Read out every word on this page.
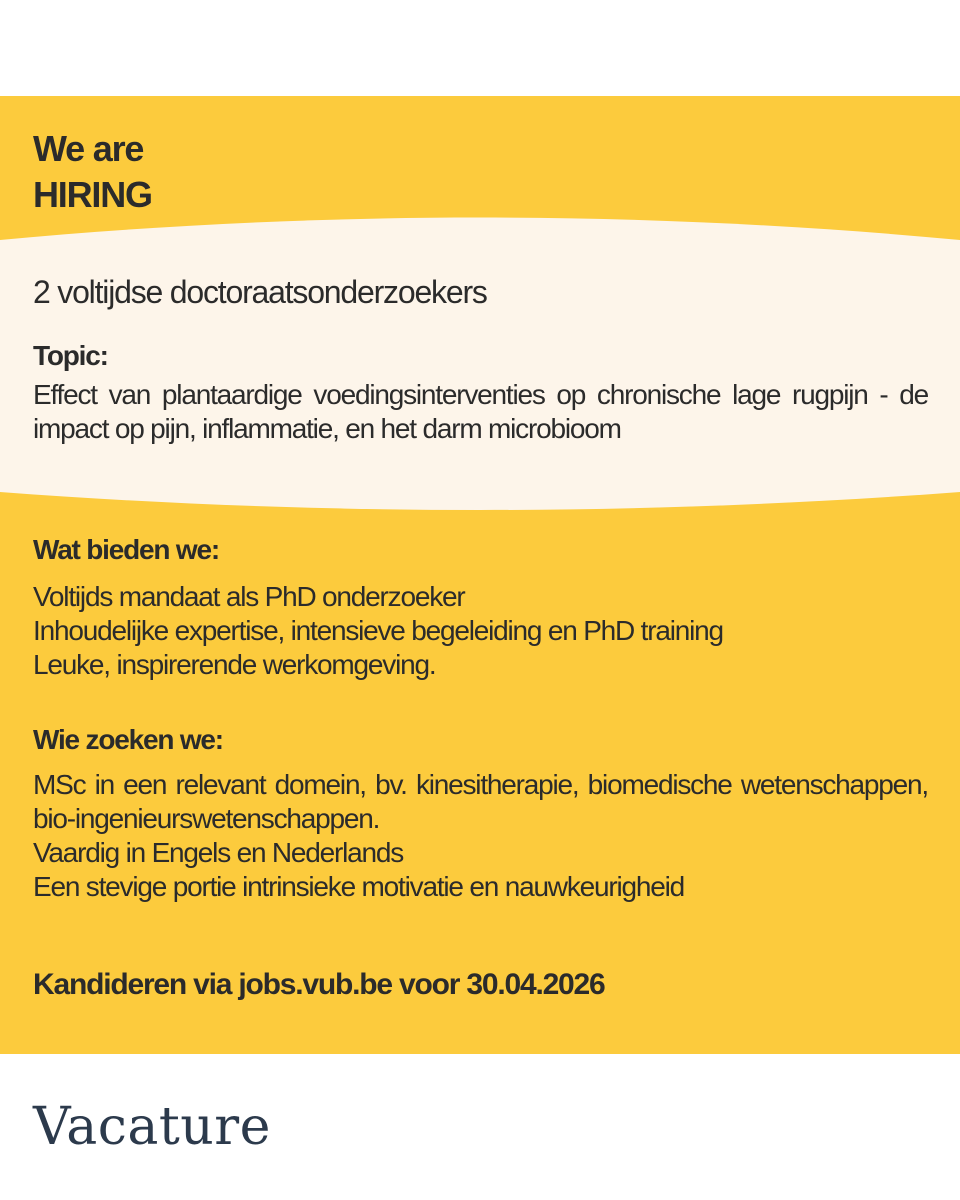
We are
HIRING

2 voltijdse doctoraatsonderzoekers

Topic:

Effect van plantaardige voedingsinterventies op chronische lage rugpijn - de impact op pijn, inflammatie, en het darm microbioom

Wat bieden we:
Voltijds mandaat als PhD onderzoeker
Inhoudelijke expertise, intensieve begeleiding en PhD training
Leuke, inspirerende werkomgeving.
Wie zoeken we:
MSc in een relevant domein, bv. kinesitherapie, biomedische wetenschappen, bio-ingenieurswetenschappen.
Vaardig in Engels en Nederlands
Een stevige portie intrinsieke motivatie en nauwkeurigheid

Kandideren via jobs.vub.be voor 30.04.2026

Vacature
